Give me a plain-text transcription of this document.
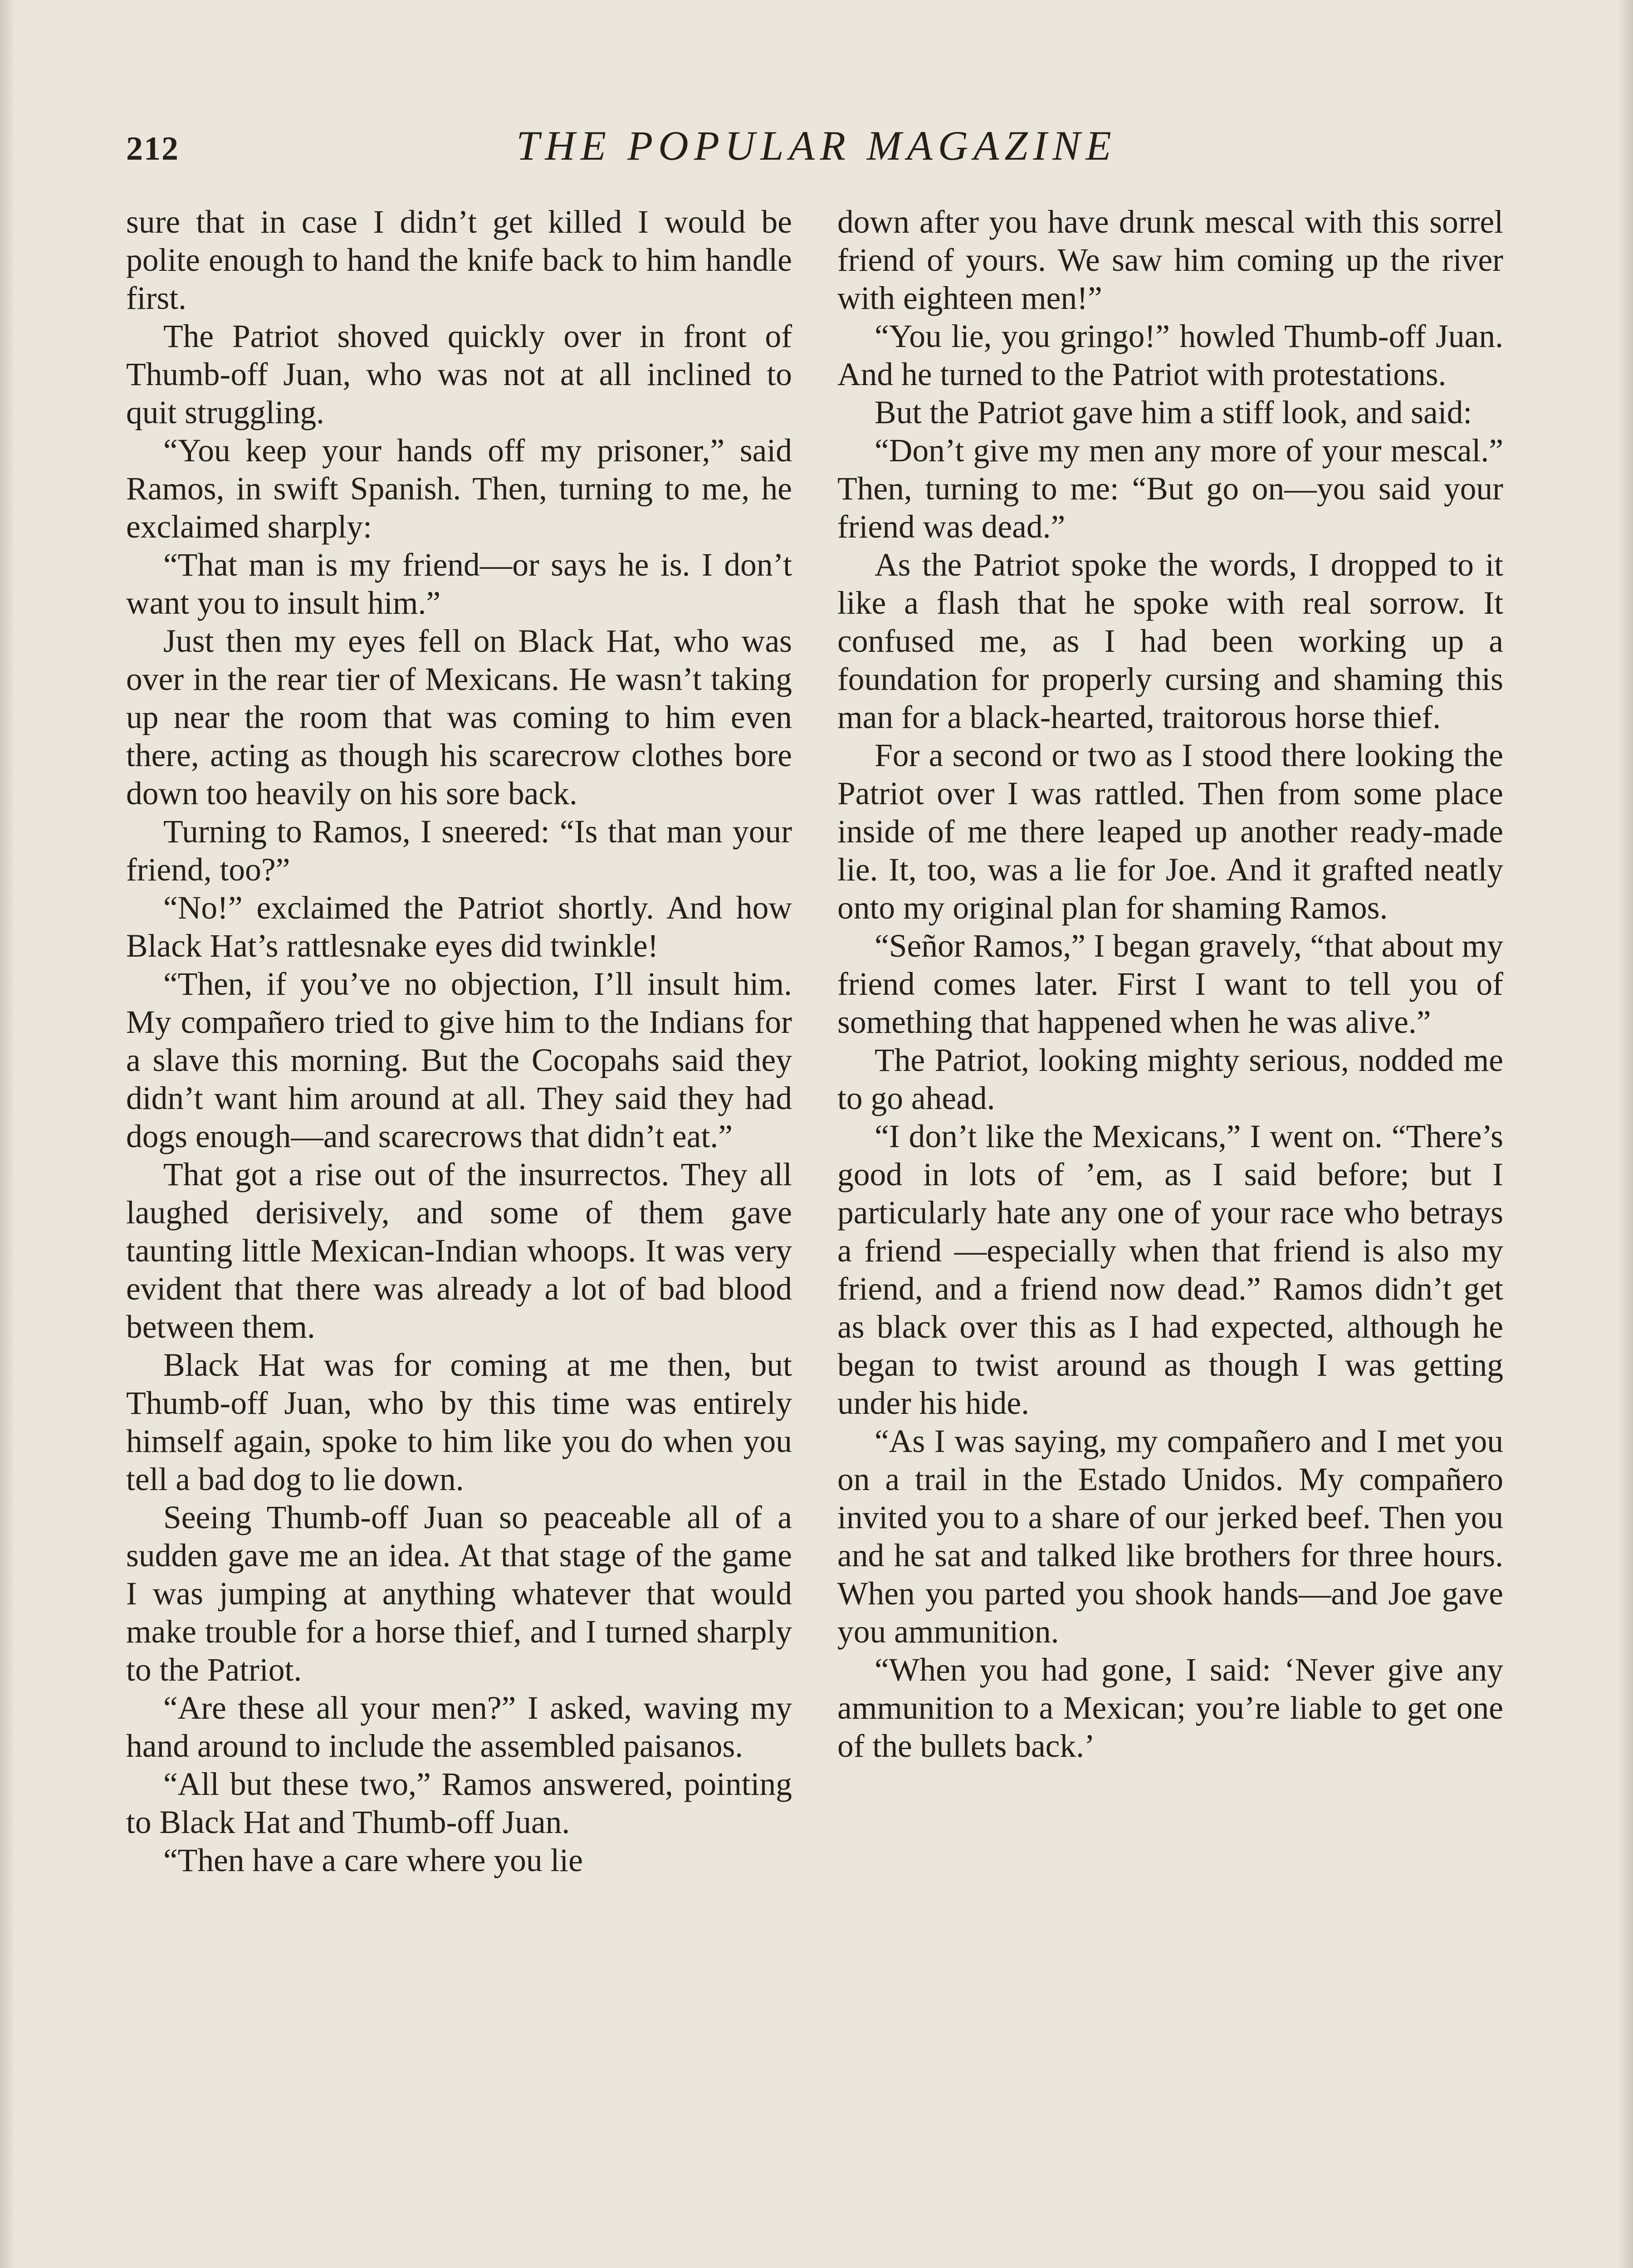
212	THE POPULAR MAGAZINE

sure that in case I didn’t get killed I would be polite enough to hand the knife back to him handle first.

The Patriot shoved quickly over in front of Thumb-off Juan, who was not at all inclined to quit struggling.

“You keep your hands off my prisoner,” said Ramos, in swift Spanish. Then, turning to me, he exclaimed sharply:

“That man is my friend—or says he is. I don’t want you to insult him.”

Just then my eyes fell on Black Hat, who was over in the rear tier of Mexicans. He wasn’t taking up near the room that was coming to him even there, acting as though his scarecrow clothes bore down too heavily on his sore back.

Turning to Ramos, I sneered: “Is that man your friend, too?”

“No!” exclaimed the Patriot shortly. And how Black Hat’s rattlesnake eyes did twinkle!

“Then, if you’ve no objection, I’ll insult him. My compañero tried to give him to the Indians for a slave this morning. But the Cocopahs said they didn’t want him around at all. They said they had dogs enough—and scarecrows that didn’t eat.”

That got a rise out of the insurrectos. They all laughed derisively, and some of them gave taunting little Mexican-Indian whoops. It was very evident that there was already a lot of bad blood between them.

Black Hat was for coming at me then, but Thumb-off Juan, who by this time was entirely himself again, spoke to him like you do when you tell a bad dog to lie down.

Seeing Thumb-off Juan so peaceable all of a sudden gave me an idea. At that stage of the game I was jumping at anything whatever that would make trouble for a horse thief, and I turned sharply to the Patriot.

“Are these all your men?” I asked, waving my hand around to include the assembled paisanos.

“All but these two,” Ramos answered, pointing to Black Hat and Thumb-off Juan.

“Then have a care where you lie

down after you have drunk mescal with this sorrel friend of yours. We saw him coming up the river with eighteen men!”

“You lie, you gringo!” howled Thumb-off Juan. And he turned to the Patriot with protestations.

But the Patriot gave him a stiff look, and said:

“Don’t give my men any more of your mescal.” Then, turning to me: “But go on—you said your friend was dead.”

As the Patriot spoke the words, I dropped to it like a flash that he spoke with real sorrow. It confused me, as I had been working up a foundation for properly cursing and shaming this man for a black-hearted, traitorous horse thief.

For a second or two as I stood there looking the Patriot over I was rattled. Then from some place inside of me there leaped up another ready-made lie. It, too, was a lie for Joe. And it grafted neatly onto my original plan for shaming Ramos.

“Señor Ramos,” I began gravely, “that about my friend comes later. First I want to tell you of something that happened when he was alive.”

The Patriot, looking mighty serious, nodded me to go ahead.

“I don’t like the Mexicans,” I went on. “There’s good in lots of ’em, as I said before; but I particularly hate any one of your race who betrays a friend —especially when that friend is also my friend, and a friend now dead.” Ramos didn’t get as black over this as I had expected, although he began to twist around as though I was getting under his hide.

“As I was saying, my compañero and I met you on a trail in the Estado Unidos. My compañero invited you to a share of our jerked beef. Then you and he sat and talked like brothers for three hours. When you parted you shook hands—and Joe gave you ammunition.

“When you had gone, I said: ‘Never give any ammunition to a Mexican; you’re liable to get one of the bullets back.’
